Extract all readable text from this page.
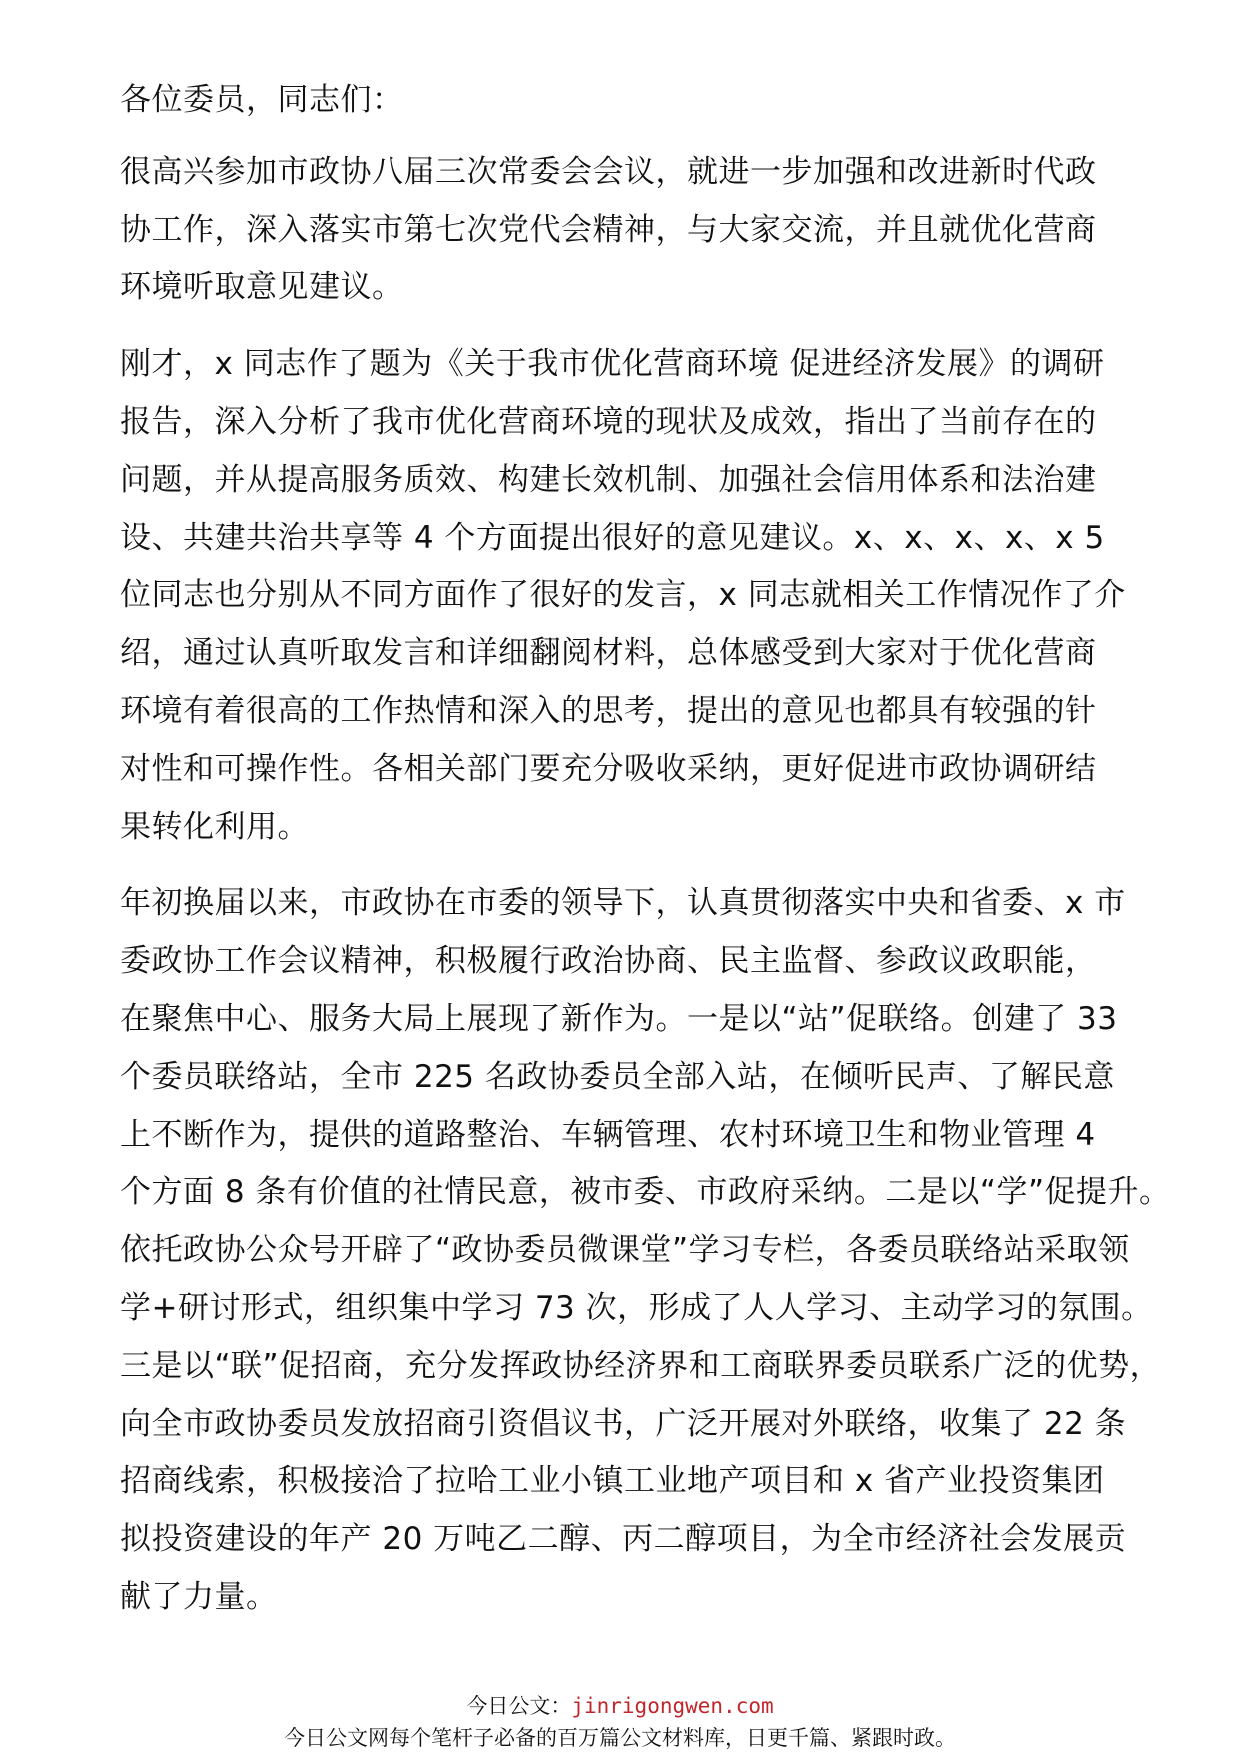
各位委员，同志们：

很高兴参加市政协八届三次常委会会议，就进一步加强和改进新时代政
协工作，深入落实市第七次党代会精神，与大家交流，并且就优化营商
环境听取意见建议。

刚才，x 同志作了题为《关于我市优化营商环境 促进经济发展》的调研
报告，深入分析了我市优化营商环境的现状及成效，指出了当前存在的
问题，并从提高服务质效、构建长效机制、加强社会信用体系和法治建
设、共建共治共享等 4 个方面提出很好的意见建议。x、x、x、x、x 5
位同志也分别从不同方面作了很好的发言，x 同志就相关工作情况作了介
绍，通过认真听取发言和详细翻阅材料，总体感受到大家对于优化营商
环境有着很高的工作热情和深入的思考，提出的意见也都具有较强的针
对性和可操作性。各相关部门要充分吸收采纳，更好促进市政协调研结
果转化利用。

年初换届以来，市政协在市委的领导下，认真贯彻落实中央和省委、x 市
委政协工作会议精神，积极履行政治协商、民主监督、参政议政职能，
在聚焦中心、服务大局上展现了新作为。一是以“站”促联络。创建了 33
个委员联络站，全市 225 名政协委员全部入站，在倾听民声、了解民意
上不断作为，提供的道路整治、车辆管理、农村环境卫生和物业管理 4
个方面 8 条有价值的社情民意，被市委、市政府采纳。二是以“学”促提升。
依托政协公众号开辟了“政协委员微课堂”学习专栏，各委员联络站采取领
学+研讨形式，组织集中学习 73 次，形成了人人学习、主动学习的氛围。
三是以“联”促招商，充分发挥政协经济界和工商联界委员联系广泛的优势，
向全市政协委员发放招商引资倡议书，广泛开展对外联络，收集了 22 条
招商线索，积极接洽了拉哈工业小镇工业地产项目和 x 省产业投资集团
拟投资建设的年产 20 万吨乙二醇、丙二醇项目，为全市经济社会发展贡
献了力量。

今日公文：jinrigongwen.com
今日公文网每个笔杆子必备的百万篇公文材料库，日更千篇、紧跟时政。
